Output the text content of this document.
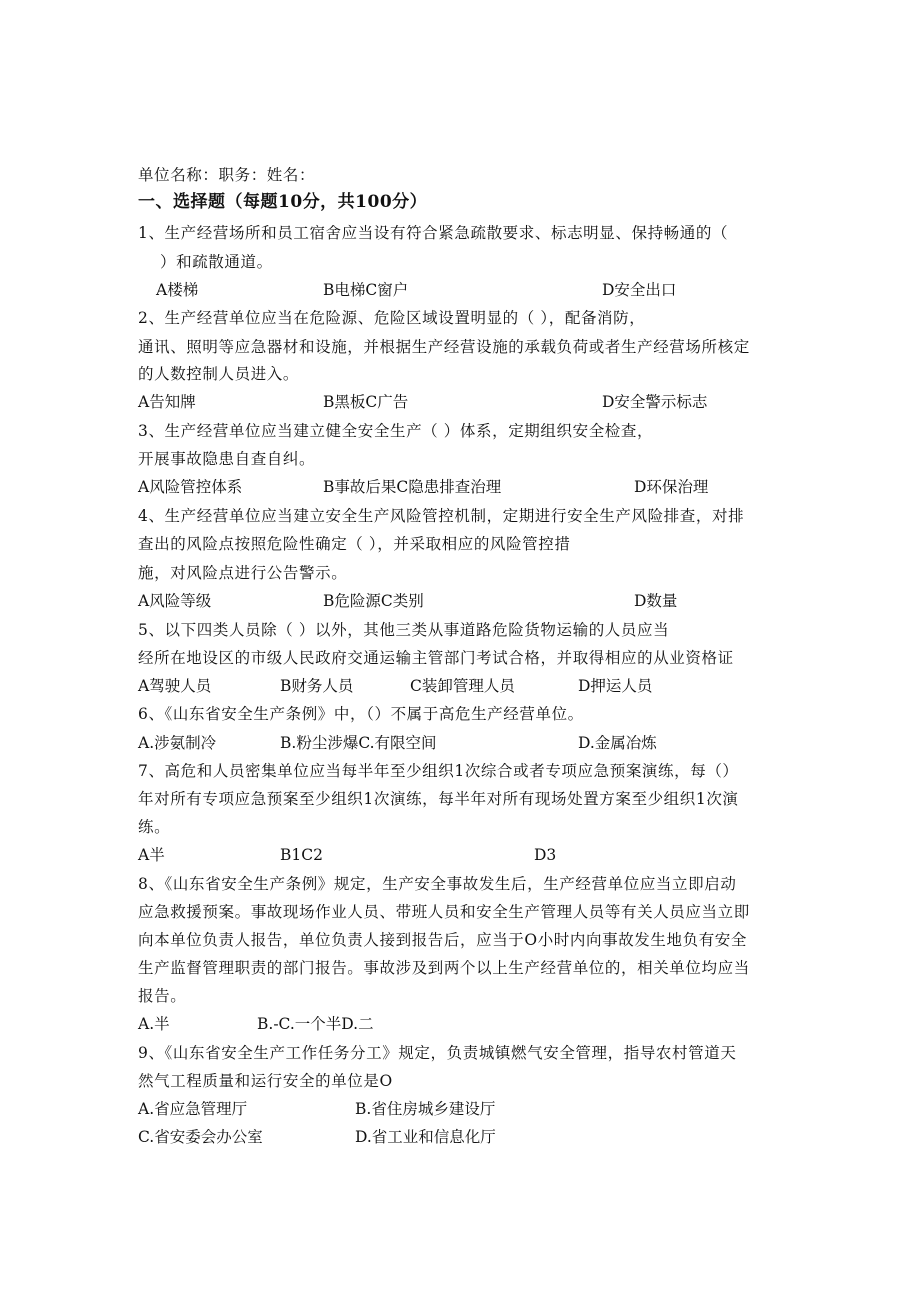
单位名称：职务：姓名：
一、选择题（每题10分，共100分）
1、生产经营场所和员工宿舍应当设有符合紧急疏散要求、标志明显、保持畅通的（
）和疏散通道。
A楼梯	B电梯C窗户	D安全出口
2、生产经营单位应当在危险源、危险区域设置明显的（ ），配备消防，
通讯、照明等应急器材和设施，并根据生产经营设施的承载负荷或者生产经营场所核定
的人数控制人员进入。
A告知牌	B黑板C广告	D安全警示标志
3、生产经营单位应当建立健全安全生产（ ）体系，定期组织安全检查，
开展事故隐患自查自纠。
A风险管控体系	B事故后果C隐患排查治理	D环保治理
4、生产经营单位应当建立安全生产风险管控机制，定期进行安全生产风险排查，对排
查出的风险点按照危险性确定（ ），并采取相应的风险管控措
施，对风险点进行公告警示。
A风险等级	B危险源C类别	D数量
5、以下四类人员除（ ）以外，其他三类从事道路危险货物运输的人员应当
经所在地设区的市级人民政府交通运输主管部门考试合格，并取得相应的从业资格证
A驾驶人员	B财务人员	C装卸管理人员	D押运人员
6、《山东省安全生产条例》中，（）不属于高危生产经营单位。
A.涉氨制冷	B.粉尘涉爆C.有限空间	D.金属冶炼
7、高危和人员密集单位应当每半年至少组织1次综合或者专项应急预案演练，每（）
年对所有专项应急预案至少组织1次演练，每半年对所有现场处置方案至少组织1次演
练。
A半	B1C2	D3
8、《山东省安全生产条例》规定，生产安全事故发生后，生产经营单位应当立即启动
应急救援预案。事故现场作业人员、带班人员和安全生产管理人员等有关人员应当立即
向本单位负责人报告，单位负责人接到报告后，应当于O小时内向事故发生地负有安全
生产监督管理职责的部门报告。事故涉及到两个以上生产经营单位的，相关单位均应当
报告。
A.半	B.-C.一个半D.二
9、《山东省安全生产工作任务分工》规定，负责城镇燃气安全管理，指导农村管道天
然气工程质量和运行安全的单位是O
A.省应急管理厅	B.省住房城乡建设厅
C.省安委会办公室	D.省工业和信息化厅
